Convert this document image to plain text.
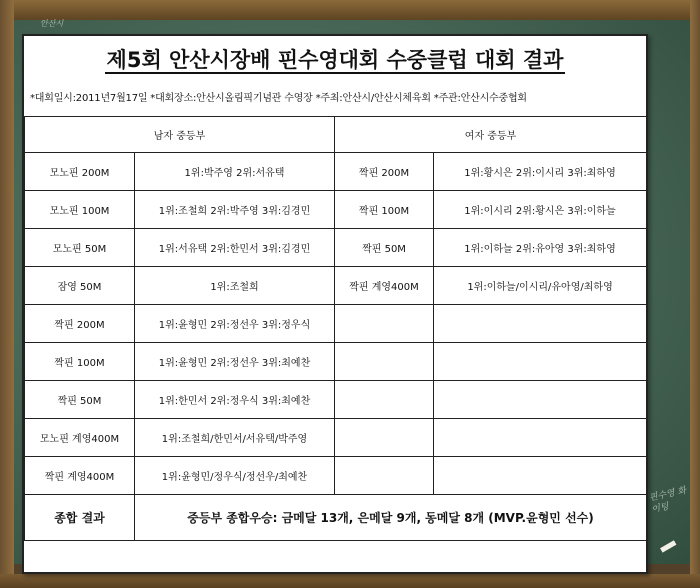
안산시
핀수영 화이팅
제5회 안산시장배 핀수영대회 수중클럽 대회 결과
*대회일시:2011년7월17일 *대회장소:안산시올림픽기념관 수영장 *주최:안산시/안산시체육회 *주관:안산시수중협회
남자 중등부		여자 중등부	
모노핀 200M	1위:박주영 2위:서유택	짝핀 200M	1위:황시은 2위:이시리 3위:최하영
모노핀 100M	1위:조철희 2위:박주영 3위:김경민	짝핀 100M	1위:이시리 2위:황시은 3위:이하늘
모노핀 50M	1위:서유택 2위:한민서 3위:김경민	짝핀 50M	1위:이하늘 2위:유아영 3위:최하영
잠영 50M	1위:조철희	짝핀 계영400M	1위:이하늘/이시리/유아영/최하영
짝핀 200M	1위:윤형민 2위:정선우 3위:정우식		
짝핀 100M	1위:윤형민 2위:정선우 3위:최예찬		
짝핀 50M	1위:한민서 2위:정우식 3위:최예찬		
모노핀 계영400M	1위:조철희/한민서/서유택/박주영		
짝핀 계영400M	1위:윤형민/정우식/정선우/최예찬		
종합 결과	중등부 종합우승: 금메달 13개, 은메달 9개, 동메달 8개 (MVP.윤형민 선수)		
